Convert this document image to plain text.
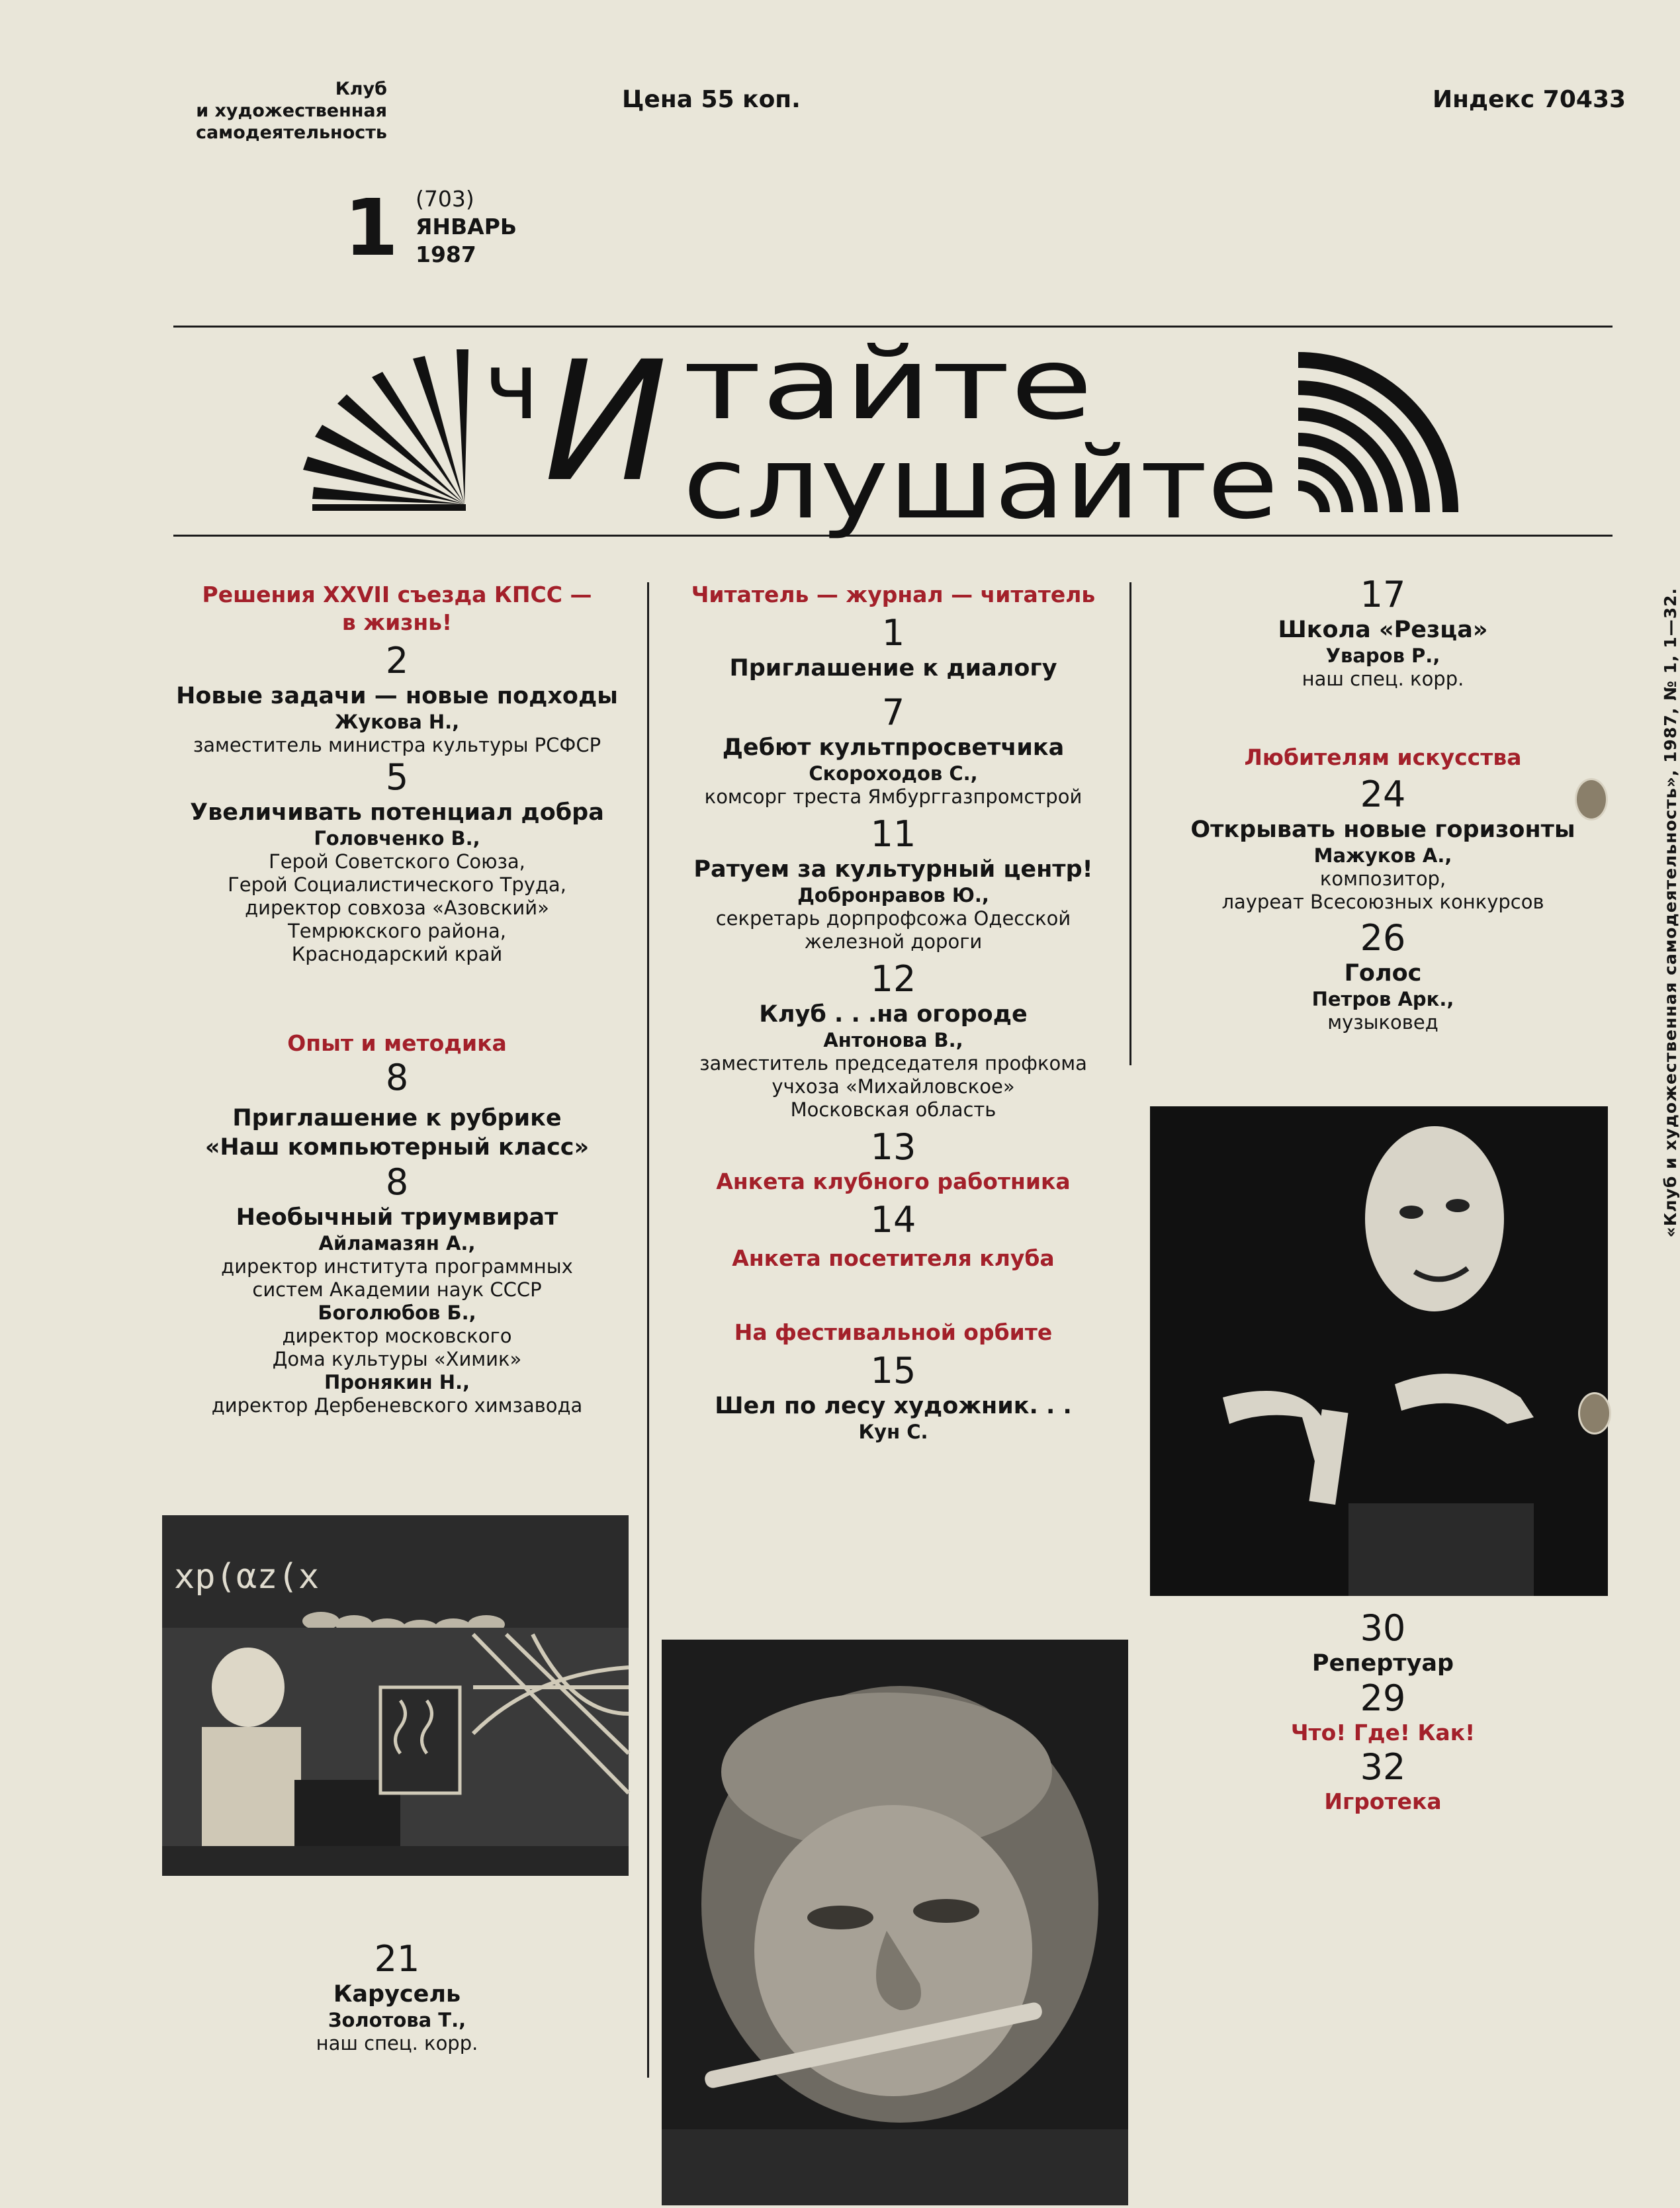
Клуб
и художественная
самодеятельность
Цена 55 коп.	Индекс 70433
1 (703)
ЯНВАРЬ
1987
ч И тайте
слушайте

Решения XXVII съезда КПСС —

в жизнь!

2

Новые задачи — новые подходы

Жукова Н.,

заместитель министра культуры РСФСР

5

Увеличивать потенциал добра

Головченко В.,

Герой Советского Союза,

Герой Социалистического Труда,

директор совхоза «Азовский»

Темрюкского района,

Краснодарский край

Опыт и методика

8

Приглашение к рубрике

«Наш компьютерный класс»

8

Необычный триумвират

Айламазян А.,

директор института программных

систем Академии наук СССР

Боголюбов Б.,

директор московского

Дома культуры «Химик»

Пронякин Н.,

директор Дербеневского химзавода

xp(αz(x

21

Карусель

Золотова Т.,

наш спец. корр.

Читатель — журнал — читатель

1

Приглашение к диалогу

7

Дебют культпросветчика

Скороходов С.,

комсорг треста Ямбурггазпромстрой

11

Ратуем за культурный центр!

Добронравов Ю.,

секретарь дорпрофсожа Одесской

железной дороги

12

Клуб . . .на огороде

Антонова В.,

заместитель председателя профкома

учхоза «Михайловское»

Московская область

13

Анкета клубного работника

14

Анкета посетителя клуба

На фестивальной орбите

15

Шел по лесу художник. . .

Кун С.

17

Школа «Резца»

Уваров Р.,

наш спец. корр.

Любителям искусства

24

Открывать новые горизонты

Мажуков А.,

композитор,

лауреат Всесоюзных конкурсов

26

Голос

Петров Арк.,

музыковед

30

Репертуар

29

Что! Где! Как!

32

Игротека

«Клуб и художественная самодеятельность», 1987, № 1, 1—32.
